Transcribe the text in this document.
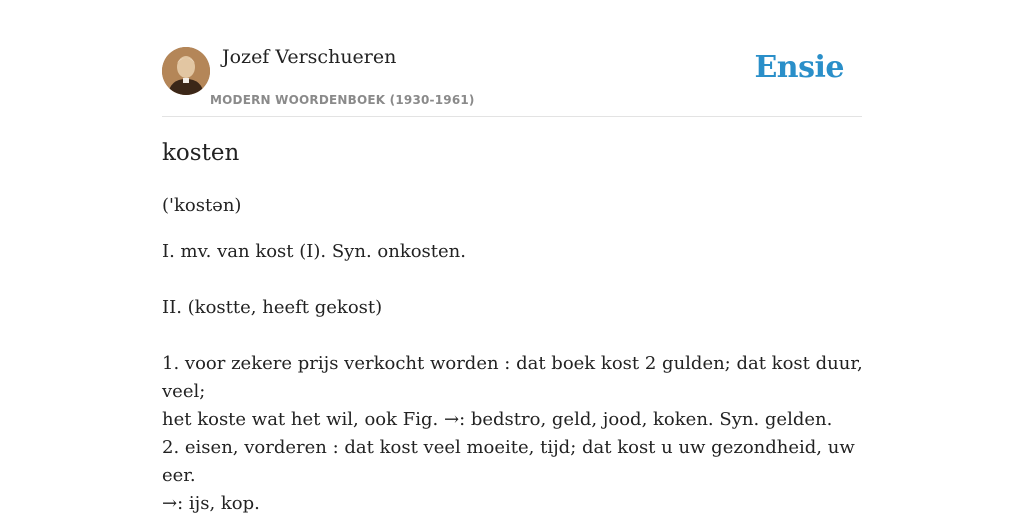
Jozef Verschueren
MODERN WOORDENBOEK (1930-1961)
Ensie
kosten

('kostən)

I. mv. van kost (I). Syn. onkosten.

II. (kostte, heeft gekost)

1. voor zekere prijs verkocht worden : dat boek kost 2 gulden; dat kost duur, veel;
het koste wat het wil, ook Fig. →: bedstro, geld, jood, koken. Syn. gelden.

2. eisen, vorderen : dat kost veel moeite, tijd; dat kost u uw gezondheid, uw eer.
→: ijs, kop.
